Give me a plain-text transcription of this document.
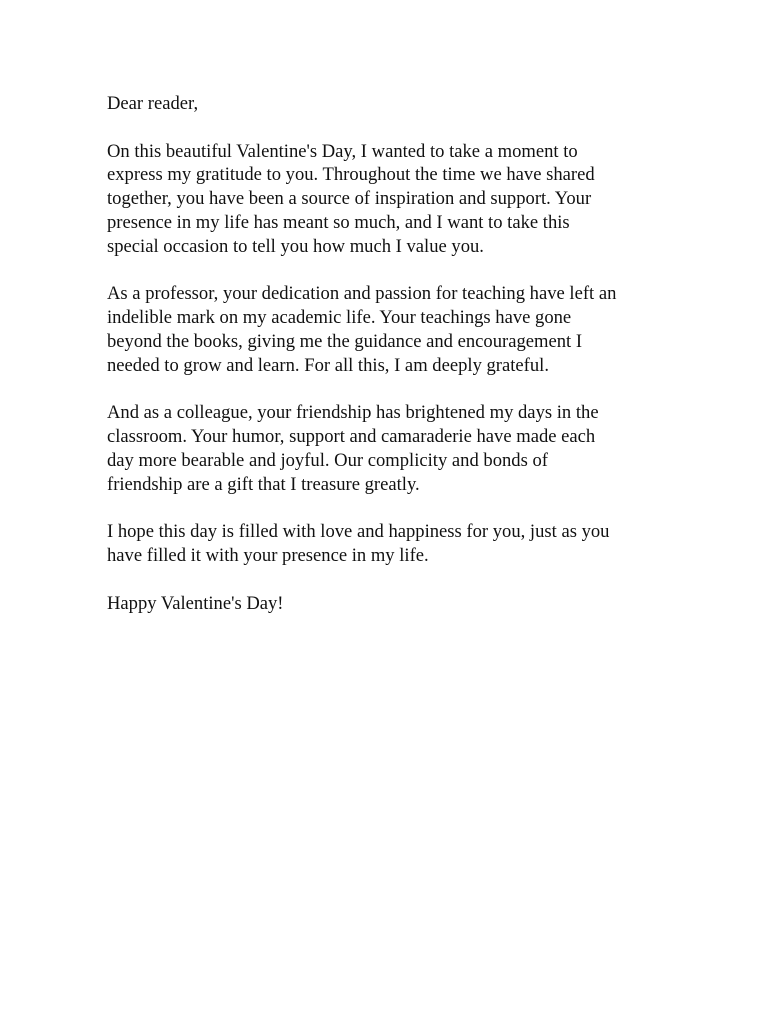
Dear reader,

On this beautiful Valentine's Day, I wanted to take a moment to
express my gratitude to you. Throughout the time we have shared
together, you have been a source of inspiration and support. Your
presence in my life has meant so much, and I want to take this
special occasion to tell you how much I value you.

As a professor, your dedication and passion for teaching have left an
indelible mark on my academic life. Your teachings have gone
beyond the books, giving me the guidance and encouragement I
needed to grow and learn. For all this, I am deeply grateful.

And as a colleague, your friendship has brightened my days in the
classroom. Your humor, support and camaraderie have made each
day more bearable and joyful. Our complicity and bonds of
friendship are a gift that I treasure greatly.

I hope this day is filled with love and happiness for you, just as you
have filled it with your presence in my life.

Happy Valentine's Day!
